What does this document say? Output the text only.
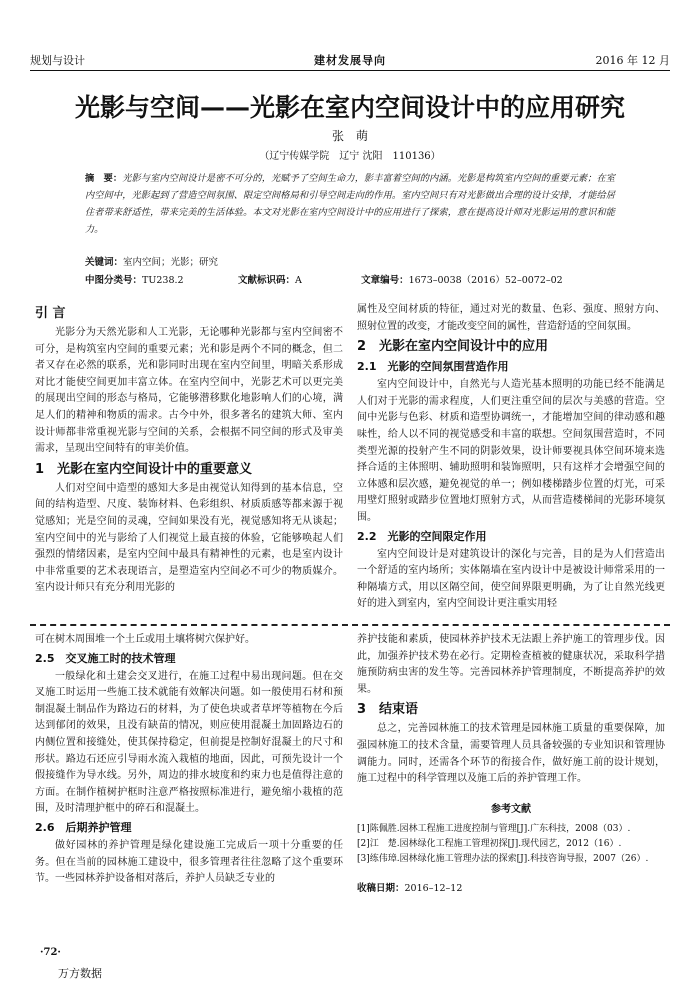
规划与设计	建材发展导向	2016 年 12 月
光影与空间——光影在室内空间设计中的应用研究
张　萌
（辽宁传媒学院　辽宁 沈阳　110136）
摘　要：光影与室内空间设计是密不可分的，光赋予了空间生命力，影丰富着空间的内涵。光影是构筑室内空间的重要元素；在室内空间中，光影起到了营造空间氛围、限定空间格局和引导空间走向的作用。室内空间只有对光影做出合理的设计安排，才能给居住者带来舒适性，带来完美的生活体验。本文对光影在室内空间设计中的应用进行了探索，意在提高设计师对光影运用的意识和能力。
关键词：室内空间；光影；研究
中图分类号：TU238.2	文献标识码：A	文章编号：1673–0038（2016）52–0072–02
引 言

光影分为天然光影和人工光影，无论哪种光影都与室内空间密不可分，是构筑室内空间的重要元素；光和影是两个不同的概念，但二者又存在必然的联系，光和影同时出现在室内空间里，明暗关系形成对比才能使空间更加丰富立体。在室内空间中，光影艺术可以更完美的展现出空间的形态与格局，它能够潜移默化地影响人们的心境，满足人们的精神和物质的需求。古今中外，很多著名的建筑大师、室内设计师都非常重视光影与空间的关系，会根据不同空间的形式及审美需求，呈现出空间特有的审美价值。

1　光影在室内空间设计中的重要意义

人们对空间中造型的感知大多是由视觉认知得到的基本信息，空间的结构造型、尺度、装饰材料、色彩组织、材质质感等都来源于视觉感知；光是空间的灵魂，空间如果没有光，视觉感知将无从谈起；室内空间中的光与影给了人们视觉上最直接的体验，它能够唤起人们强烈的情绪因素，是室内空间中最具有精神性的元素，也是室内设计中非常重要的艺术表现语言，是塑造室内空间必不可少的物质媒介。室内设计师只有充分利用光影的

属性及空间材质的特征，通过对光的数量、色彩、强度、照射方向、照射位置的改变，才能改变空间的属性，营造舒适的空间氛围。

2　光影在室内空间设计中的应用
2.1　光影的空间氛围营造作用

室内空间设计中，自然光与人造光基本照明的功能已经不能满足人们对于光影的需求程度，人们更注重空间的层次与美感的营造。空间中光影与色彩、材质和造型协调统一，才能增加空间的律动感和趣味性，给人以不同的视觉感受和丰富的联想。空间氛围营造时，不同类型光源的投射产生不同的阴影效果，设计师要视具体空间环境来选择合适的主体照明、辅助照明和装饰照明，只有这样才会增强空间的立体感和层次感，避免视觉的单一；例如楼梯踏步位置的灯光，可采用壁灯照射或踏步位置地灯照射方式，从而营造楼梯间的光影环境氛围。

2.2　光影的空间限定作用

室内空间设计是对建筑设计的深化与完善，目的是为人们营造出一个舒适的室内场所；实体隔墙在室内设计中是被设计师常采用的一种隔墙方式，用以区隔空间，使空间界限更明确，为了让自然光线更好的进入到室内，室内空间设计更注重实用轻

可在树木周围堆一个土丘或用土壤将树穴保护好。

2.5　交叉施工时的技术管理

一般绿化和土建会交叉进行，在施工过程中易出现问题。但在交叉施工时运用一些施工技术就能有效解决问题。如一般使用石材和预制混凝土制品作为路边石的材料，为了使色块或者草坪等植物在今后达到郁闭的效果，且没有缺苗的情况，则应使用混凝土加固路边石的内侧位置和接缝处，使其保持稳定，但前提是控制好混凝土的尺寸和形状。路边石还应引导雨水流入栽植的地面，因此，可预先设计一个假接缝作为导水线。另外，周边的排水坡度和约束力也是值得注意的方面。在制作植树护框时注意严格按照标准进行，避免缩小栽植的范围，及时清理护框中的碎石和混凝土。

2.6　后期养护管理

做好园林的养护管理是绿化建设施工完成后一项十分重要的任务。但在当前的园林施工建设中，很多管理者往往忽略了这个重要环节。一些园林养护设备相对落后，养护人员缺乏专业的

养护技能和素质，使园林养护技术无法跟上养护施工的管理步伐。因此，加强养护技术势在必行。定期检查植被的健康状况，采取科学措施预防病虫害的发生等。完善园林养护管理制度，不断提高养护的效果。

3　结束语

总之，完善园林施工的技术管理是园林施工质量的重要保障，加强园林施工的技术含量，需要管理人员具备较强的专业知识和管理协调能力。同时，还需各个环节的衔接合作，做好施工前的设计规划，施工过程中的科学管理以及施工后的养护管理工作。

参考文献

[1]陈佩胜.园林工程施工进度控制与管理[J].广东科技，2008（03）.

[2]江　楚.园林绿化工程施工管理初探[J].现代园艺，2012（16）.

[3]练伟璋.园林绿化施工管理办法的探索[J].科技咨询导报，2007（26）.

收稿日期：2016–12–12

·72·
万方数据
